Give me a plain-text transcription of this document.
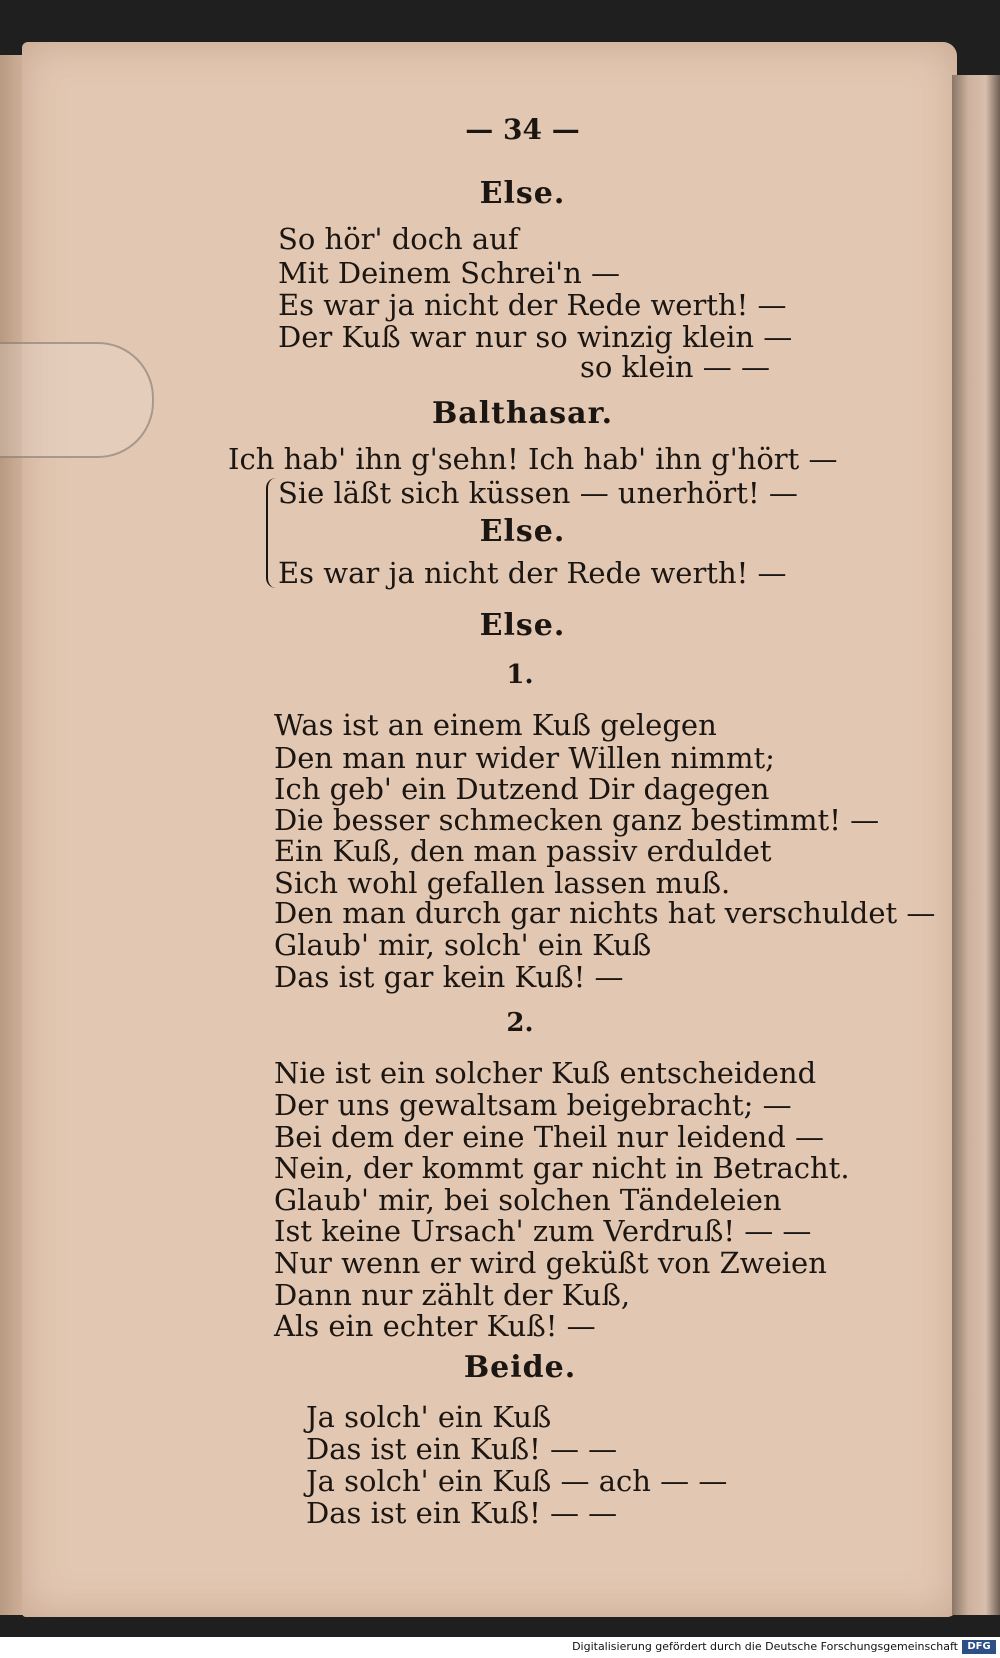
— 34 —
Else.
So hör' doch auf
Mit Deinem Schrei'n —
Es war ja nicht der Rede werth! —
Der Kuß war nur so winzig klein —
so klein — —
Balthasar.
Ich hab' ihn g'sehn! Ich hab' ihn g'hört —
Sie läßt sich küssen — unerhört! —
Else.
Es war ja nicht der Rede werth! —
Else.
1.
Was ist an einem Kuß gelegen
Den man nur wider Willen nimmt;
Ich geb' ein Dutzend Dir dagegen
Die besser schmecken ganz bestimmt! —
Ein Kuß, den man passiv erduldet
Sich wohl gefallen lassen muß.
Den man durch gar nichts hat verschuldet —
Glaub' mir, solch' ein Kuß
Das ist gar kein Kuß! —
2.
Nie ist ein solcher Kuß entscheidend
Der uns gewaltsam beigebracht; —
Bei dem der eine Theil nur leidend —
Nein, der kommt gar nicht in Betracht.
Glaub' mir, bei solchen Tändeleien
Ist keine Ursach' zum Verdruß! — —
Nur wenn er wird geküßt von Zweien
Dann nur zählt der Kuß,
Als ein echter Kuß! —
Beide.
Ja solch' ein Kuß
Das ist ein Kuß! — —
Ja solch' ein Kuß — ach — —
Das ist ein Kuß! — —
Digitalisierung gefördert durch die Deutsche Forschungsgemeinschaft DFG
